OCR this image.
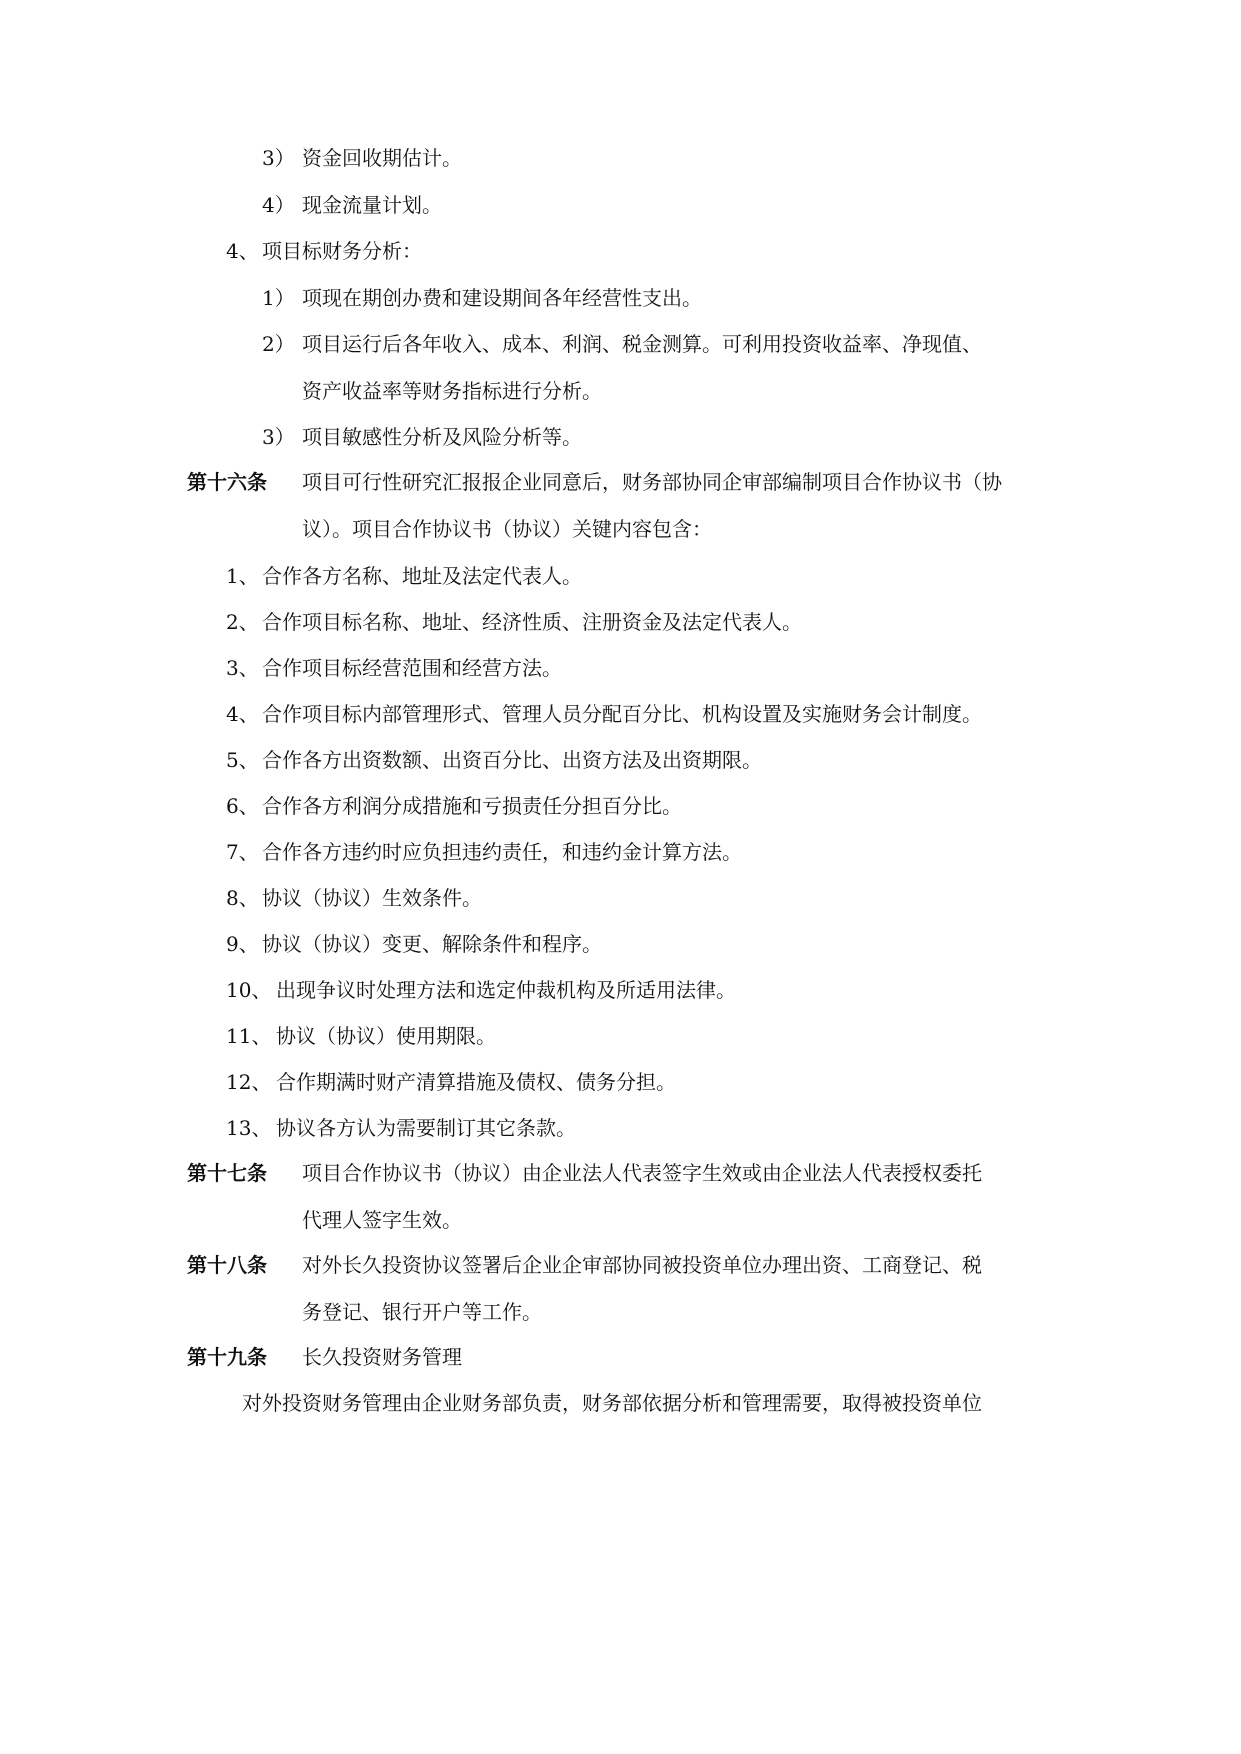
3） 资金回收期估计。
4） 现金流量计划。
4、 项目标财务分析：
1） 项现在期创办费和建设期间各年经营性支出。
2） 项目运行后各年收入、成本、利润、税金测算。可利用投资收益率、净现值、
资产收益率等财务指标进行分析。
3） 项目敏感性分析及风险分析等。
第十六条 项目可行性研究汇报报企业同意后，财务部协同企审部编制项目合作协议书（协
议）。项目合作协议书（协议）关键内容包含：
1、 合作各方名称、地址及法定代表人。
2、 合作项目标名称、地址、经济性质、注册资金及法定代表人。
3、 合作项目标经营范围和经营方法。
4、 合作项目标内部管理形式、管理人员分配百分比、机构设置及实施财务会计制度。
5、 合作各方出资数额、出资百分比、出资方法及出资期限。
6、 合作各方利润分成措施和亏损责任分担百分比。
7、 合作各方违约时应负担违约责任，和违约金计算方法。
8、 协议（协议）生效条件。
9、 协议（协议）变更、解除条件和程序。
10、 出现争议时处理方法和选定仲裁机构及所适用法律。
11、 协议（协议）使用期限。
12、 合作期满时财产清算措施及债权、债务分担。
13、 协议各方认为需要制订其它条款。
第十七条 项目合作协议书（协议）由企业法人代表签字生效或由企业法人代表授权委托
代理人签字生效。
第十八条 对外长久投资协议签署后企业企审部协同被投资单位办理出资、工商登记、税
务登记、银行开户等工作。
第十九条 长久投资财务管理
对外投资财务管理由企业财务部负责，财务部依据分析和管理需要，取得被投资单位
